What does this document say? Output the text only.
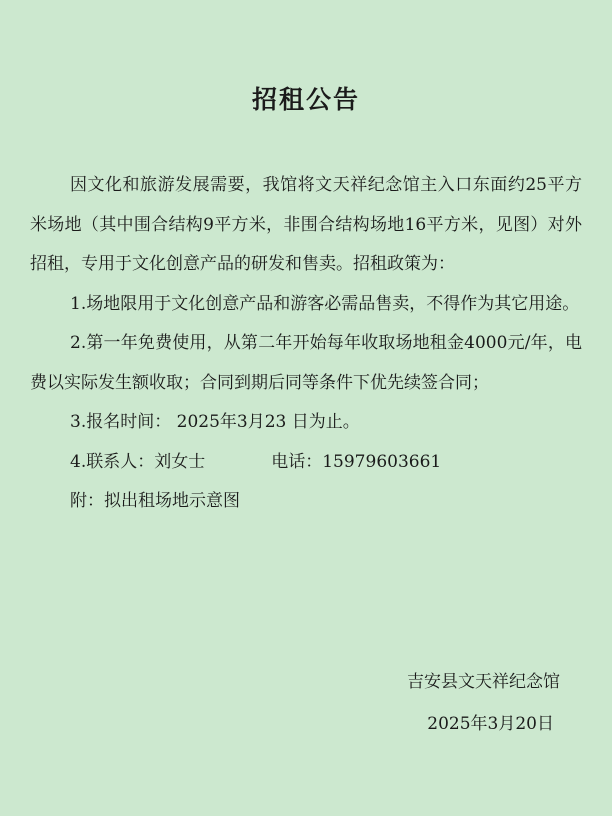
招租公告

因文化和旅游发展需要，我馆将文天祥纪念馆主入口东面约25平方米场地（其中围合结构9平方米，非围合结构场地16平方米，见图）对外招租，专用于文化创意产品的研发和售卖。招租政策为：

1.场地限用于文化创意产品和游客必需品售卖，不得作为其它用途。

2.第一年免费使用，从第二年开始每年收取场地租金4000元/年，电费以实际发生额收取；合同到期后同等条件下优先续签合同；

3.报名时间： 2025年3月23 日为止。

4.联系人：刘女士	电话：15979603661

附：拟出租场地示意图

吉安县文天祥纪念馆
2025年3月20日
